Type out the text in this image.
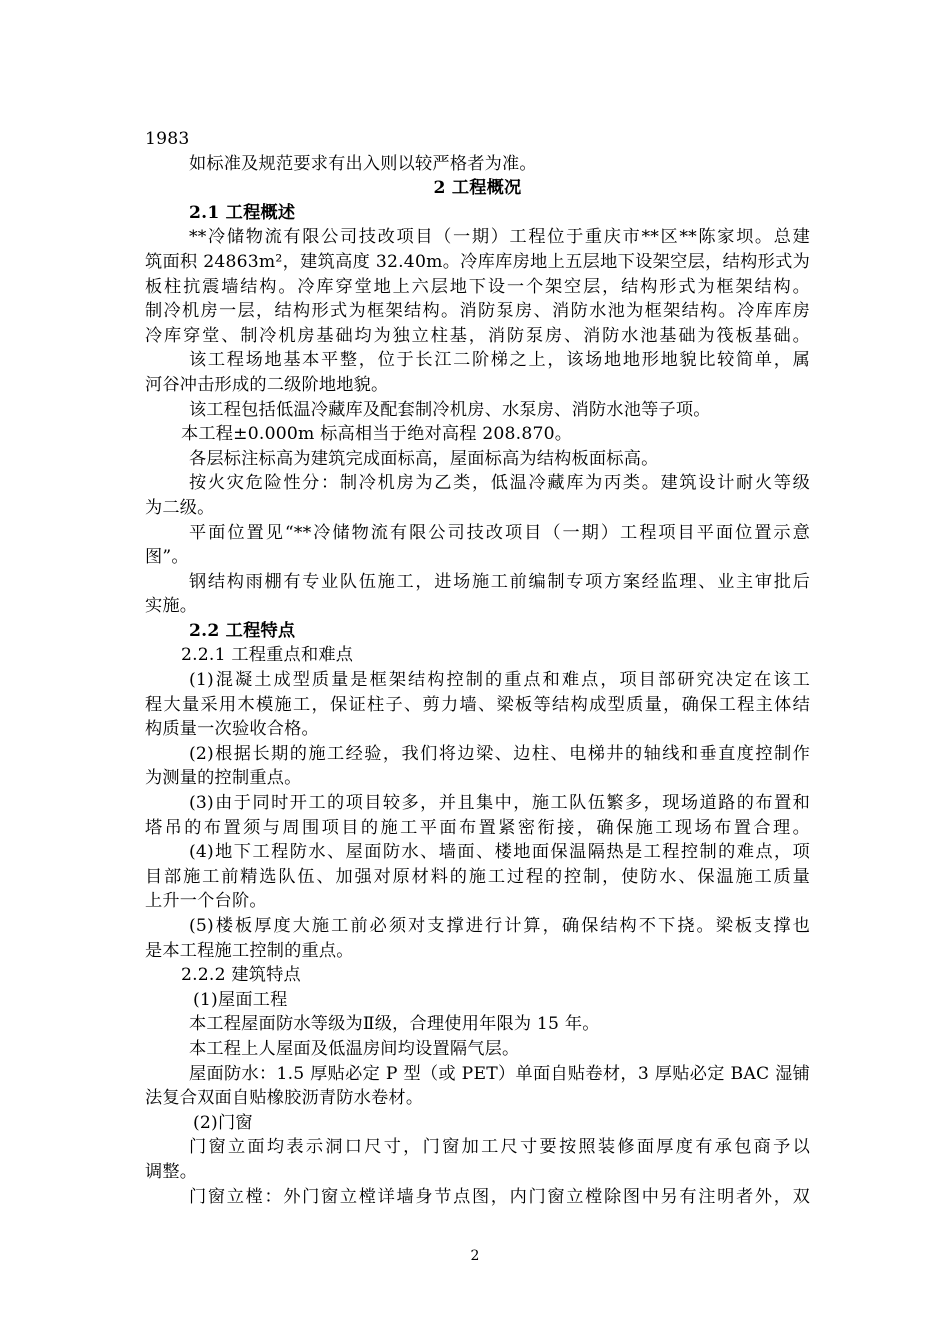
1983
如标准及规范要求有出入则以较严格者为准。
2 工程概况
2.1 工程概述
**冷储物流有限公司技改项目（一期）工程位于重庆市**区**陈家坝。总建
筑面积 24863m²，建筑高度 32.40m。冷库库房地上五层地下设架空层，结构形式为
板柱抗震墙结构。冷库穿堂地上六层地下设一个架空层，结构形式为框架结构。
制冷机房一层，结构形式为框架结构。消防泵房、消防水池为框架结构。冷库库房
冷库穿堂、制冷机房基础均为独立柱基，消防泵房、消防水池基础为筏板基础。
该工程场地基本平整，位于长江二阶梯之上，该场地地形地貌比较简单，属
河谷冲击形成的二级阶地地貌。
该工程包括低温冷藏库及配套制冷机房、水泵房、消防水池等子项。
本工程±0.000m 标高相当于绝对高程 208.870。
各层标注标高为建筑完成面标高，屋面标高为结构板面标高。
按火灾危险性分：制冷机房为乙类，低温冷藏库为丙类。建筑设计耐火等级
为二级。
平面位置见“**冷储物流有限公司技改项目（一期）工程项目平面位置示意
图”。
钢结构雨棚有专业队伍施工，进场施工前编制专项方案经监理、业主审批后
实施。
2.2 工程特点
2.2.1 工程重点和难点
(1)混凝土成型质量是框架结构控制的重点和难点，项目部研究决定在该工
程大量采用木模施工，保证柱子、剪力墙、梁板等结构成型质量，确保工程主体结
构质量一次验收合格。
(2)根据长期的施工经验，我们将边梁、边柱、电梯井的轴线和垂直度控制作
为测量的控制重点。
(3)由于同时开工的项目较多，并且集中，施工队伍繁多，现场道路的布置和
塔吊的布置须与周围项目的施工平面布置紧密衔接，确保施工现场布置合理。
(4)地下工程防水、屋面防水、墙面、楼地面保温隔热是工程控制的难点，项
目部施工前精选队伍、加强对原材料的施工过程的控制，使防水、保温施工质量
上升一个台阶。
(5)楼板厚度大施工前必须对支撑进行计算，确保结构不下挠。梁板支撑也
是本工程施工控制的重点。
2.2.2 建筑特点
(1)屋面工程
本工程屋面防水等级为Ⅱ级，合理使用年限为 15 年。
本工程上人屋面及低温房间均设置隔气层。
屋面防水：1.5 厚贴必定 P 型（或 PET）单面自贴卷材，3 厚贴必定 BAC 湿铺
法复合双面自贴橡胶沥青防水卷材。
(2)门窗
门窗立面均表示洞口尺寸，门窗加工尺寸要按照装修面厚度有承包商予以
调整。
门窗立樘：外门窗立樘详墙身节点图，内门窗立樘除图中另有注明者外，双
2
